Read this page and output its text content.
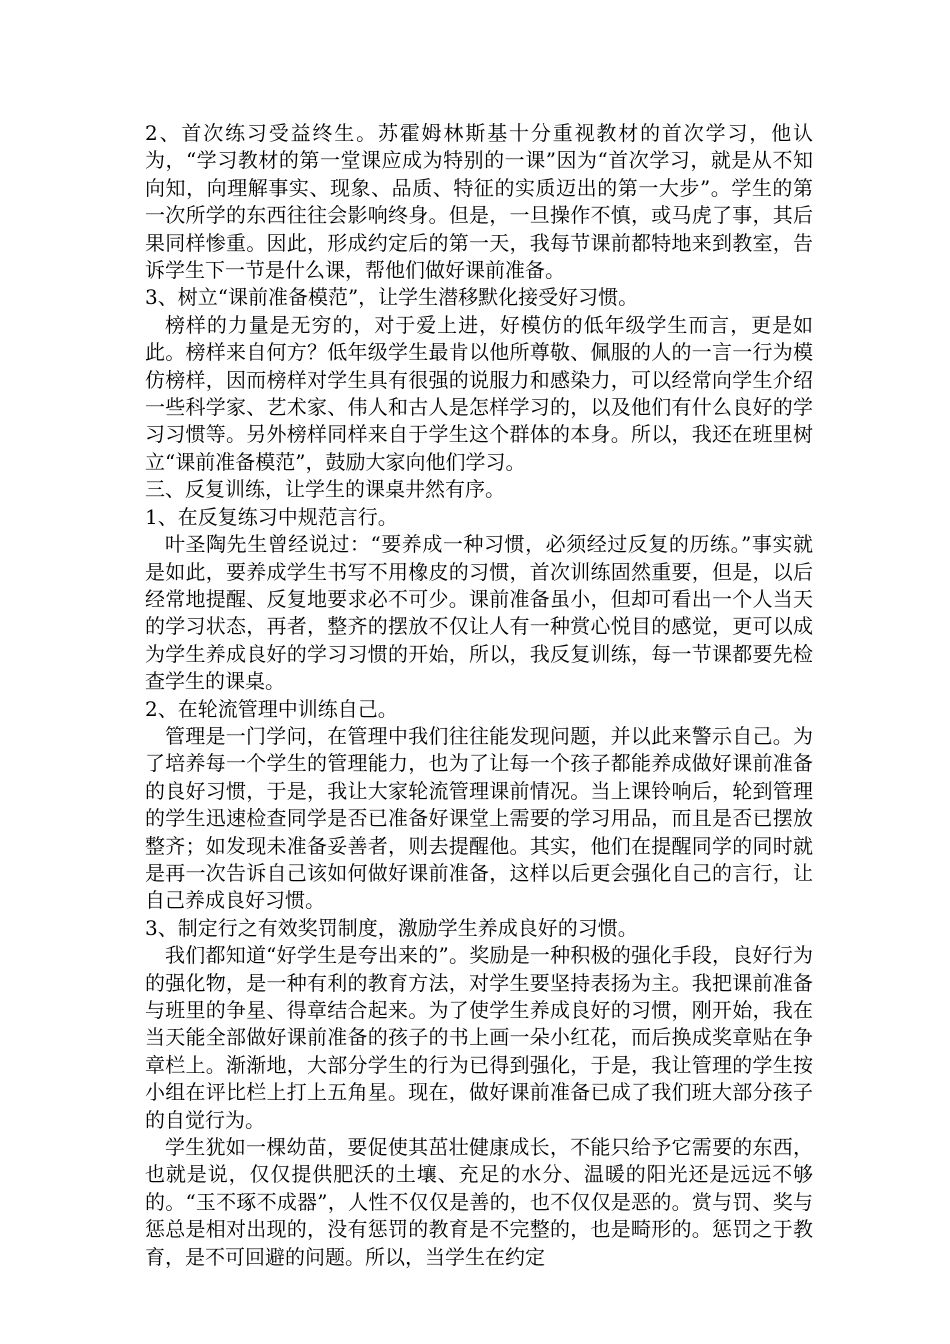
2、首次练习受益终生。苏霍姆林斯基十分重视教材的首次学习，他认为，“学习教材的第一堂课应成为特别的一课”因为“首次学习，就是从不知向知，向理解事实、现象、品质、特征的实质迈出的第一大步”。学生的第一次所学的东西往往会影响终身。但是，一旦操作不慎，或马虎了事，其后果同样惨重。因此，形成约定后的第一天，我每节课前都特地来到教室，告诉学生下一节是什么课，帮他们做好课前准备。

3、树立“课前准备模范”，让学生潜移默化接受好习惯。

榜样的力量是无穷的，对于爱上进，好模仿的低年级学生而言，更是如此。榜样来自何方？低年级学生最肯以他所尊敬、佩服的人的一言一行为模仿榜样，因而榜样对学生具有很强的说服力和感染力，可以经常向学生介绍一些科学家、艺术家、伟人和古人是怎样学习的，以及他们有什么良好的学习习惯等。另外榜样同样来自于学生这个群体的本身。所以，我还在班里树立“课前准备模范”，鼓励大家向他们学习。

三、反复训练，让学生的课桌井然有序。

1、在反复练习中规范言行。

叶圣陶先生曾经说过：“要养成一种习惯，必须经过反复的历练。”事实就是如此，要养成学生书写不用橡皮的习惯，首次训练固然重要，但是，以后经常地提醒、反复地要求必不可少。课前准备虽小，但却可看出一个人当天的学习状态，再者，整齐的摆放不仅让人有一种赏心悦目的感觉，更可以成为学生养成良好的学习习惯的开始，所以，我反复训练，每一节课都要先检查学生的课桌。

2、在轮流管理中训练自己。

管理是一门学问，在管理中我们往往能发现问题，并以此来警示自己。为了培养每一个学生的管理能力，也为了让每一个孩子都能养成做好课前准备的良好习惯，于是，我让大家轮流管理课前情况。当上课铃响后，轮到管理的学生迅速检查同学是否已准备好课堂上需要的学习用品，而且是否已摆放整齐；如发现未准备妥善者，则去提醒他。其实，他们在提醒同学的同时就是再一次告诉自己该如何做好课前准备，这样以后更会强化自己的言行，让自己养成良好习惯。

3、制定行之有效奖罚制度，激励学生养成良好的习惯。

我们都知道“好学生是夸出来的”。奖励是一种积极的强化手段，良好行为的强化物，是一种有利的教育方法，对学生要坚持表扬为主。我把课前准备与班里的争星、得章结合起来。为了使学生养成良好的习惯，刚开始，我在当天能全部做好课前准备的孩子的书上画一朵小红花，而后换成奖章贴在争章栏上。渐渐地，大部分学生的行为已得到强化，于是，我让管理的学生按小组在评比栏上打上五角星。现在，做好课前准备已成了我们班大部分孩子的自觉行为。

学生犹如一棵幼苗，要促使其茁壮健康成长，不能只给予它需要的东西，也就是说，仅仅提供肥沃的土壤、充足的水分、温暖的阳光还是远远不够的。“玉不琢不成器”，人性不仅仅是善的，也不仅仅是恶的。赏与罚、奖与惩总是相对出现的，没有惩罚的教育是不完整的，也是畸形的。惩罚之于教育，是不可回避的问题。所以，当学生在约定
